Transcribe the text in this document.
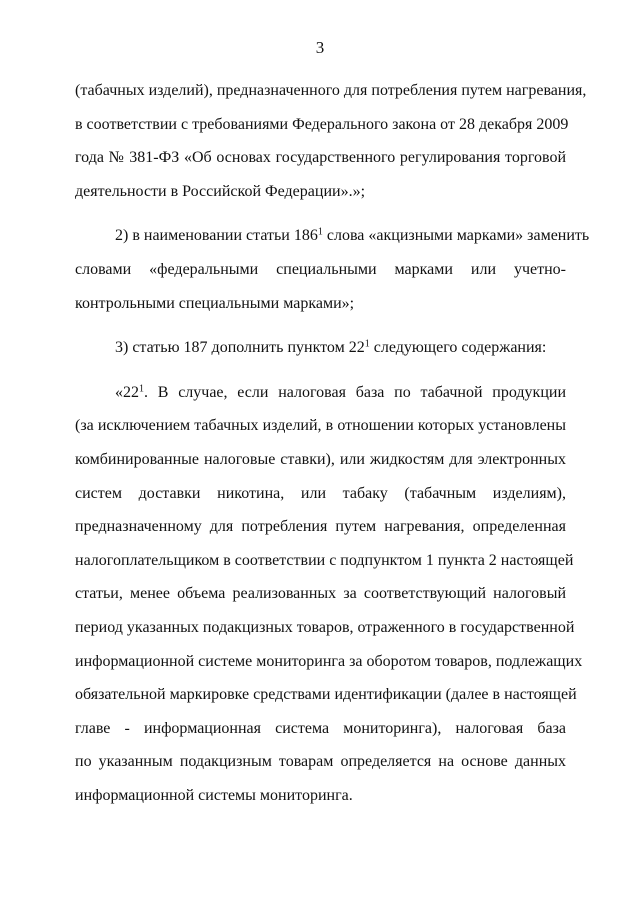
3
(табачных изделий), предназначенного для потребления путем нагревания,
в соответствии с требованиями Федерального закона от 28 декабря 2009
года № 381-ФЗ «Об основах государственного регулирования торговой
деятельности в Российской Федерации».»;
2) в наименовании статьи $186^1$ слова «акцизными марками» заменить
словами «федеральными специальными марками или учетно-
контрольными специальными марками»;
3) статью 187 дополнить пунктом $22^1$ следующего содержания:
«$22^1$. В случае, если налоговая база по табачной продукции
(за исключением табачных изделий, в отношении которых установлены
комбинированные налоговые ставки), или жидкостям для электронных
систем доставки никотина, или табаку (табачным изделиям),
предназначенному для потребления путем нагревания, определенная
налогоплательщиком в соответствии с подпунктом 1 пункта 2 настоящей
статьи, менее объема реализованных за соответствующий налоговый
период указанных подакцизных товаров, отраженного в государственной
информационной системе мониторинга за оборотом товаров, подлежащих
обязательной маркировке средствами идентификации (далее в настоящей
главе - информационная система мониторинга), налоговая база
по указанным подакцизным товарам определяется на основе данных
информационной системы мониторинга.
